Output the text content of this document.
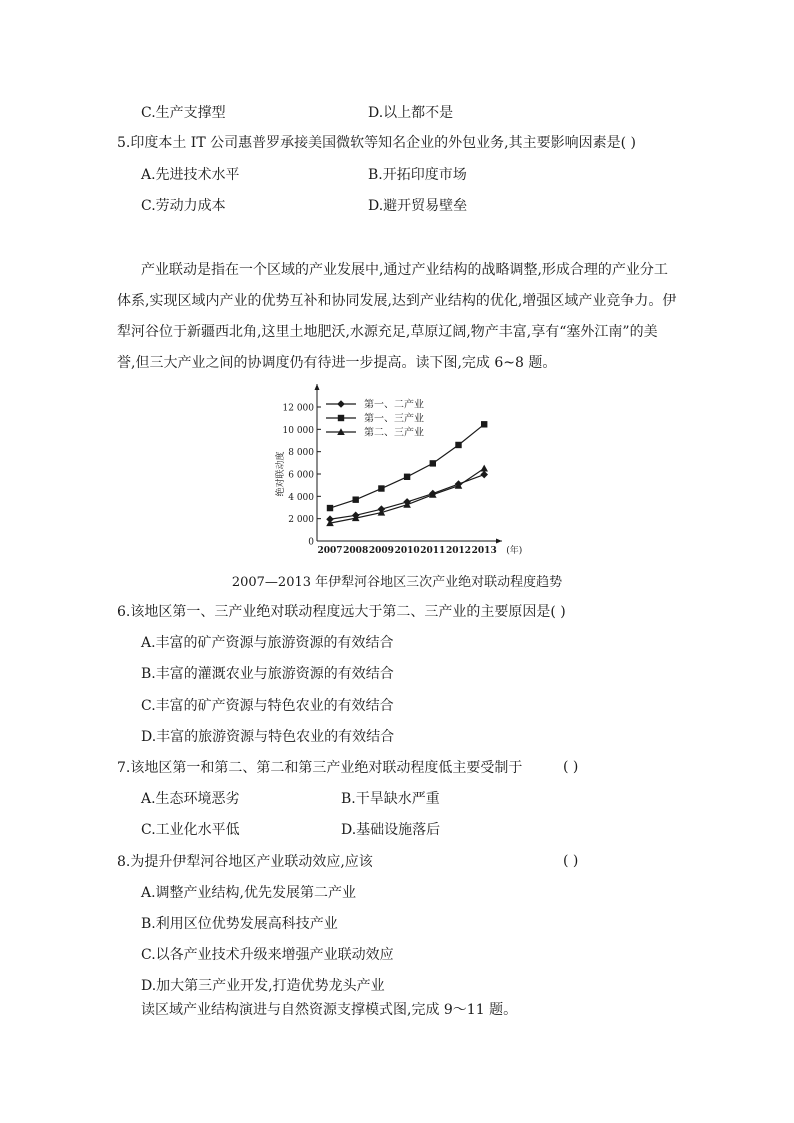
C.生产支撑型	D.以上都不是
5.印度本土 IT 公司惠普罗承接美国微软等知名企业的外包业务,其主要影响因素是( )
A.先进技术水平	B.开拓印度市场
C.劳动力成本	D.避开贸易壁垒
产业联动是指在一个区域的产业发展中,通过产业结构的战略调整,形成合理的产业分工
体系,实现区域内产业的优势互补和协同发展,达到产业结构的优化,增强区域产业竞争力。伊
犁河谷位于新疆西北角,这里土地肥沃,水源充足,草原辽阔,物产丰富,享有“塞外江南”的美
誉,但三大产业之间的协调度仍有待进一步提高。读下图,完成 6~8 题。
0
2 000
4 000
6 000
8 000
10 000
12 000
2007 2008 2009 2010 2011 2012 2013 (年)
绝对联动度
第一、二产业
第一、三产业
第二、三产业
2007—2013 年伊犁河谷地区三次产业绝对联动程度趋势
6.该地区第一、三产业绝对联动程度远大于第二、三产业的主要原因是( )
A.丰富的矿产资源与旅游资源的有效结合
B.丰富的灌溉农业与旅游资源的有效结合
C.丰富的矿产资源与特色农业的有效结合
D.丰富的旅游资源与特色农业的有效结合
7.该地区第一和第二、第二和第三产业绝对联动程度低主要受制于	( )
A.生态环境恶劣	B.干旱缺水严重
C.工业化水平低	D.基础设施落后
8.为提升伊犁河谷地区产业联动效应,应该	( )
A.调整产业结构,优先发展第二产业
B.利用区位优势发展高科技产业
C.以各产业技术升级来增强产业联动效应
D.加大第三产业开发,打造优势龙头产业
读区域产业结构演进与自然资源支撑模式图,完成 9～11 题。
